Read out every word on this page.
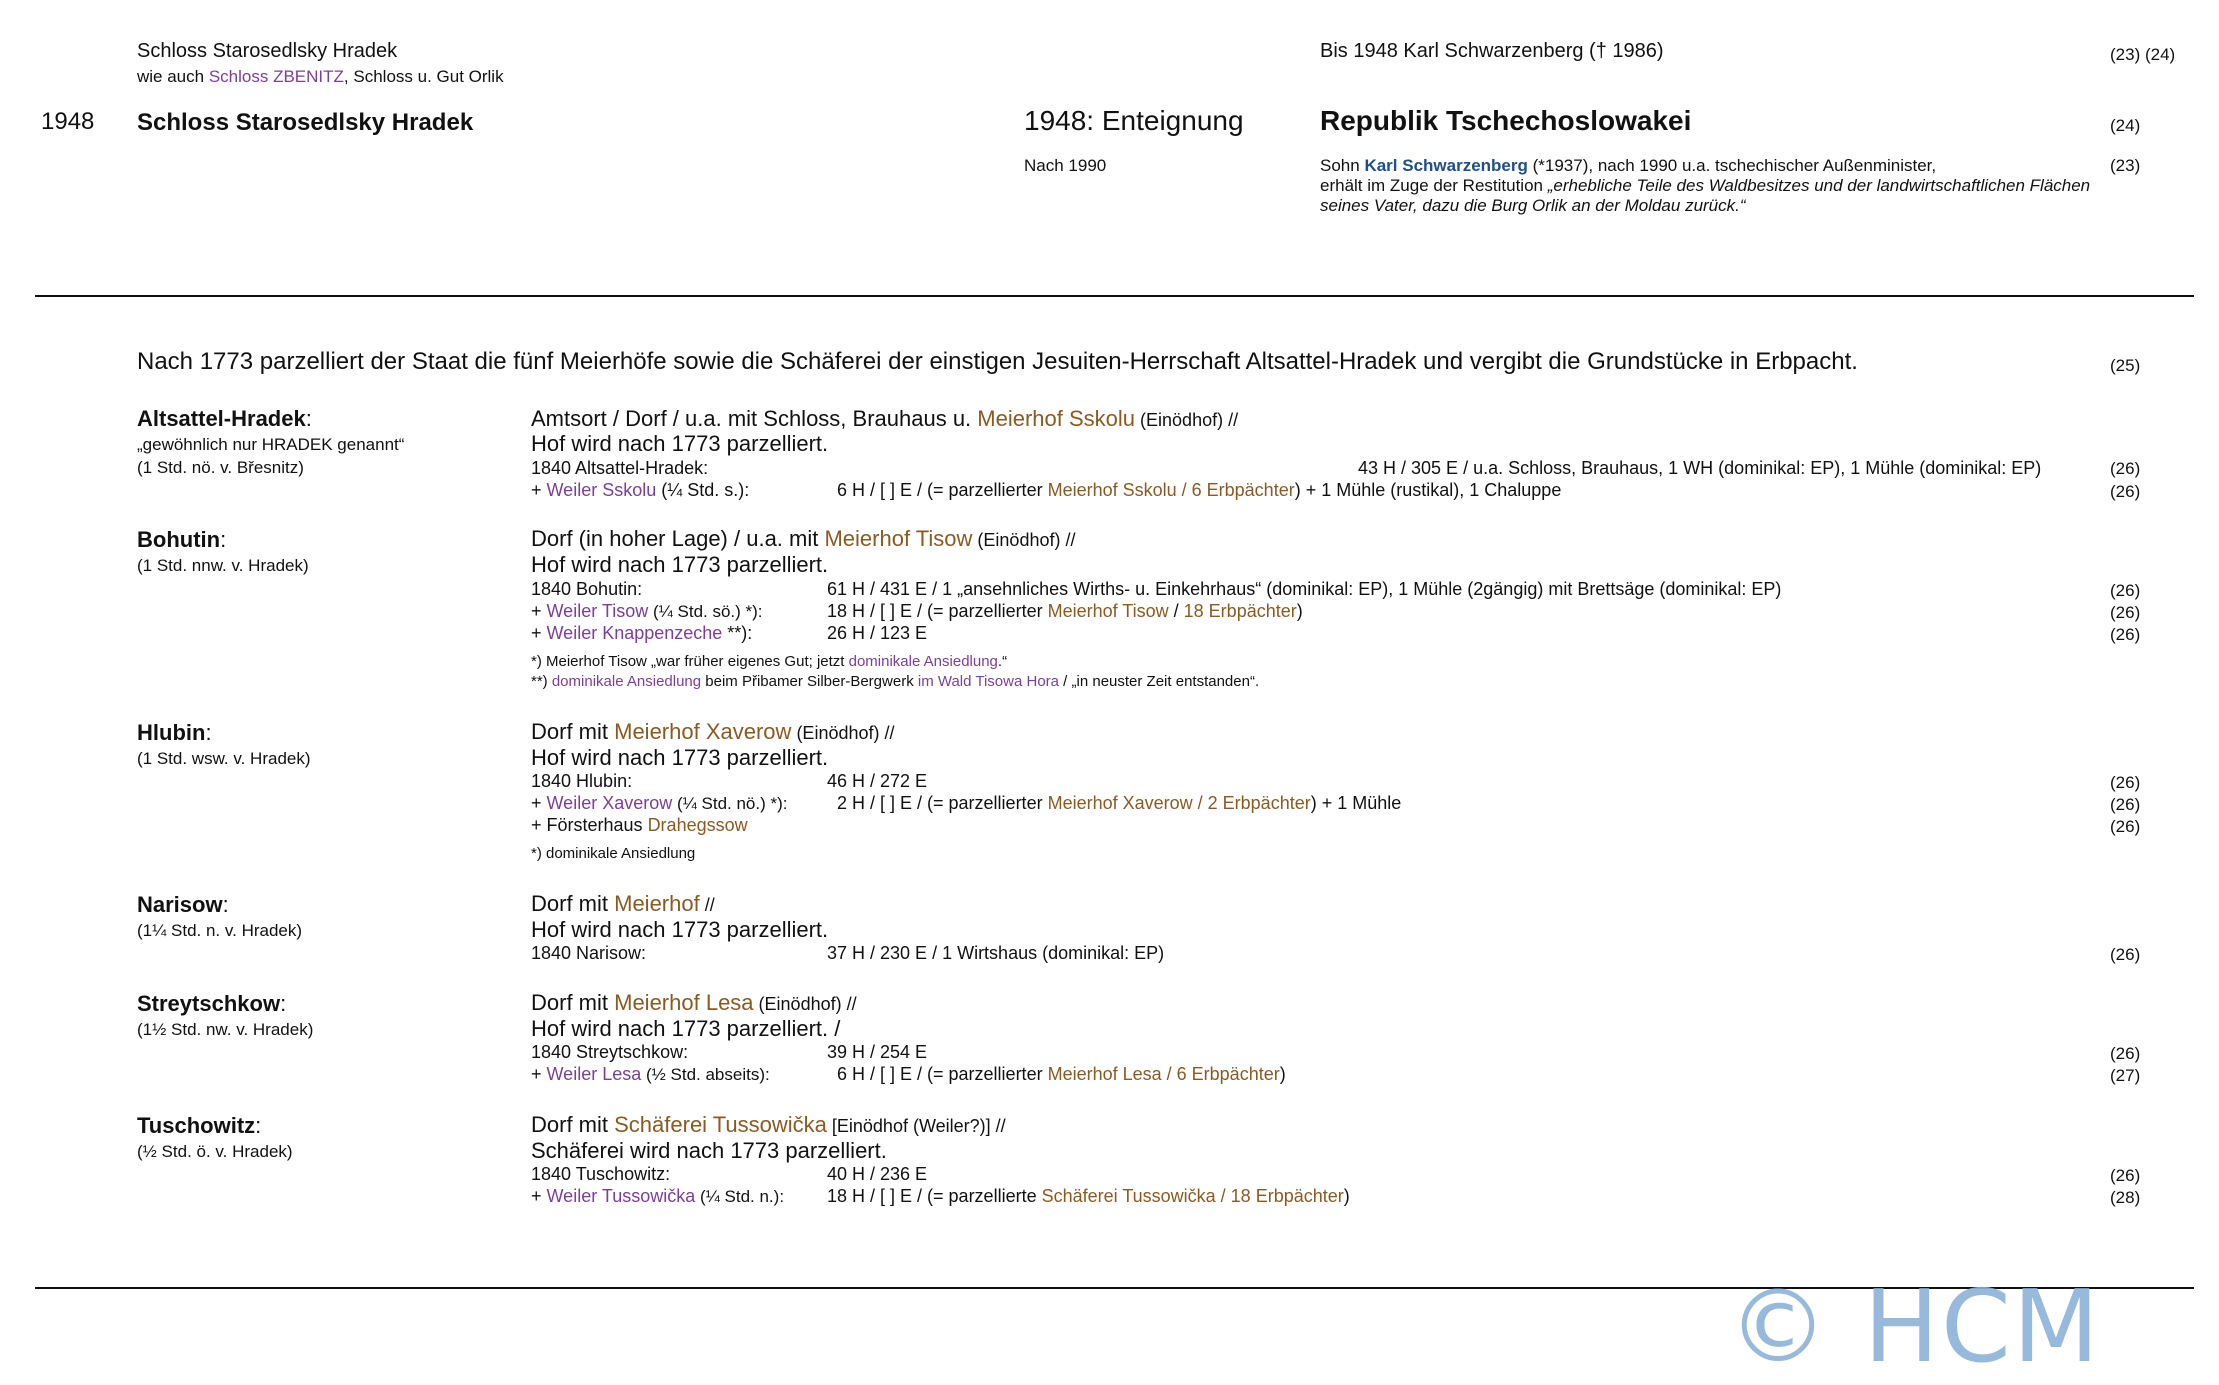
Schloss Starosedlsky Hradek
wie auch Schloss ZBENITZ, Schloss u. Gut Orlik
Bis 1948 Karl Schwarzenberg († 1986)	(23) (24)
1948 Schloss Starosedlsky Hradek	1948: Enteignung	Republik Tschechoslowakei	(24)
Nach 1990	Sohn Karl Schwarzenberg (*1937), nach 1990 u.a. tschechischer Außenminister,
erhält im Zuge der Restitution „erhebliche Teile des Waldbesitzes und der landwirtschaftlichen Flächen
seines Vater, dazu die Burg Orlik an der Moldau zurück.“
(23)
Nach 1773 parzelliert der Staat die fünf Meierhöfe sowie die Schäferei der einstigen Jesuiten-Herrschaft Altsattel-Hradek und vergibt die Grundstücke in Erbpacht.	(25)
Altsattel-Hradek:
„gewöhnlich nur HRADEK genannt“
(1 Std. nö. v. Břesnitz)
Amtsort / Dorf / u.a. mit Schloss, Brauhaus u. Meierhof Sskolu (Einödhof) //
Hof wird nach 1773 parzelliert.
1840 Altsattel-Hradek:	43 H / 305 E / u.a. Schloss, Brauhaus, 1 WH (dominikal: EP), 1 Mühle (dominikal: EP)	(26)
+ Weiler Sskolu (¼ Std. s.):	6 H / [ ] E / (= parzellierter Meierhof Sskolu / 6 Erbpächter) + 1 Mühle (rustikal), 1 Chaluppe	(26)
Bohutin:
(1 Std. nnw. v. Hradek)
Dorf (in hoher Lage) / u.a. mit Meierhof Tisow (Einödhof) //
Hof wird nach 1773 parzelliert.
1840 Bohutin:	61 H / 431 E / 1 „ansehnliches Wirths- u. Einkehrhaus“ (dominikal: EP), 1 Mühle (2gängig) mit Brettsäge (dominikal: EP)	(26)
+ Weiler Tisow (¼ Std. sö.) *):	18 H / [ ] E / (= parzellierter Meierhof Tisow / 18 Erbpächter)	(26)
+ Weiler Knappenzeche **):	26 H / 123 E	(26)
*) Meierhof Tisow „war früher eigenes Gut; jetzt dominikale Ansiedlung.“
**) dominikale Ansiedlung beim Přibamer Silber-Bergwerk im Wald Tisowa Hora / „in neuster Zeit entstanden“.
Hlubin:
(1 Std. wsw. v. Hradek)
Dorf mit Meierhof Xaverow (Einödhof) //
Hof wird nach 1773 parzelliert.
1840 Hlubin:	46 H / 272 E	(26)
+ Weiler Xaverow (¼ Std. nö.) *):	2 H / [ ] E / (= parzellierter Meierhof Xaverow / 2 Erbpächter) + 1 Mühle	(26)
+ Försterhaus Drahegssow	(26)
*) dominikale Ansiedlung
Narisow:
(1¼ Std. n. v. Hradek)
Dorf mit Meierhof //
Hof wird nach 1773 parzelliert.
1840 Narisow:	37 H / 230 E / 1 Wirtshaus (dominikal: EP)	(26)
Streytschkow:
(1½ Std. nw. v. Hradek)
Dorf mit Meierhof Lesa (Einödhof) //
Hof wird nach 1773 parzelliert. /
1840 Streytschkow:	39 H / 254 E	(26)
+ Weiler Lesa (½ Std. abseits):	6 H / [ ] E / (= parzellierter Meierhof Lesa / 6 Erbpächter)	(27)
Tuschowitz:
(½ Std. ö. v. Hradek)
Dorf mit Schäferei Tussowička [Einödhof (Weiler?)] //
Schäferei wird nach 1773 parzelliert.
1840 Tuschowitz:	40 H / 236 E	(26)
+ Weiler Tussowička (¼ Std. n.): 18 H / [ ] E / (= parzellierte Schäferei Tussowička / 18 Erbpächter)	(28)
© HCM
